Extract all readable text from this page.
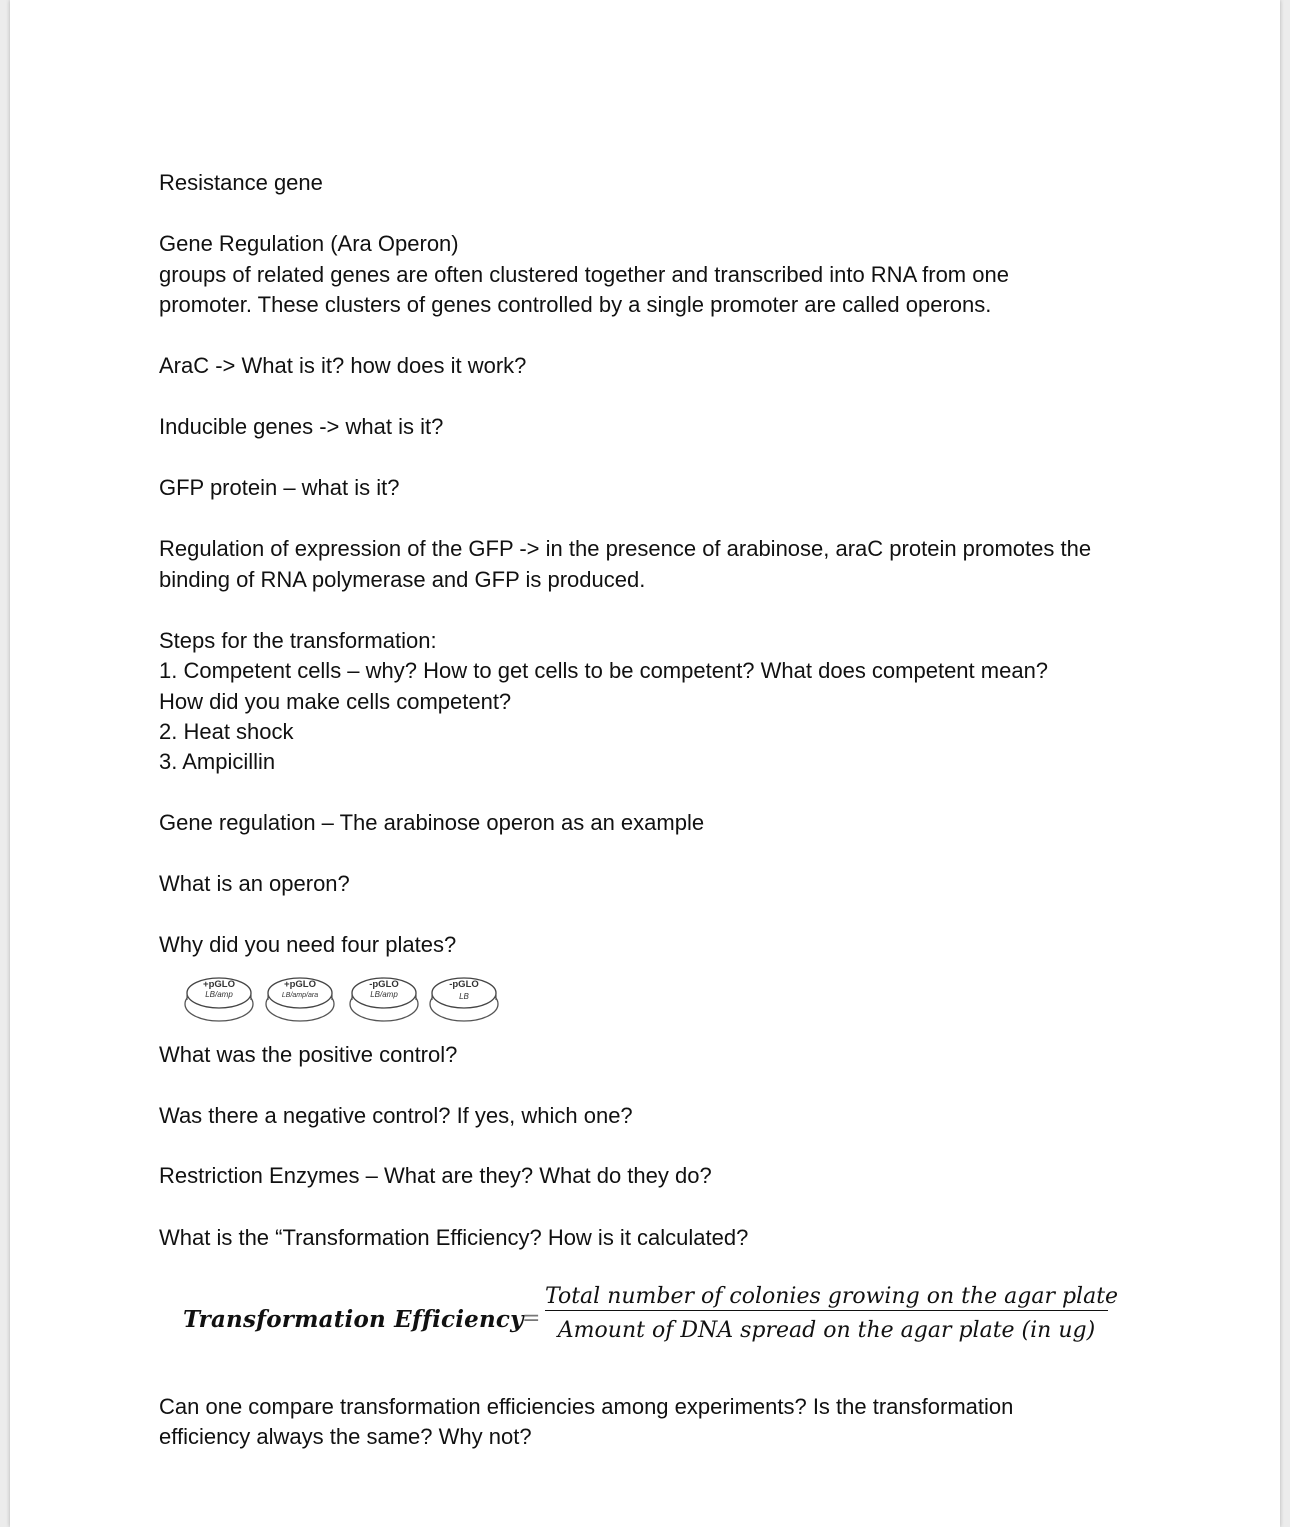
Resistance gene
Gene Regulation (Ara Operon)
groups of related genes are often clustered together and transcribed into RNA from one
promoter. These clusters of genes controlled by a single promoter are called operons.
AraC -> What is it? how does it work?
Inducible genes -> what is it?
GFP protein – what is it?
Regulation of expression of the GFP -> in the presence of arabinose, araC protein promotes the
binding of RNA polymerase and GFP is produced.
Steps for the transformation:
1. Competent cells – why? How to get cells to be competent? What does competent mean?
How did you make cells competent?
2. Heat shock
3. Ampicillin
Gene regulation – The arabinose operon as an example
What is an operon?
Why did you need four plates?
+pGLO
LB/amp
+pGLO
LB/amp/ara
-pGLO
LB/amp
-pGLO
LB
What was the positive control?
Was there a negative control? If yes, which one?
Restriction Enzymes – What are they? What do they do?
What is the “Transformation Efficiency? How is it calculated?
Transformation Efficiency
=
Total number of colonies growing on the agar plate
Amount of DNA spread on the agar plate (in ug)
Can one compare transformation efficiencies among experiments? Is the transformation
efficiency always the same? Why not?
